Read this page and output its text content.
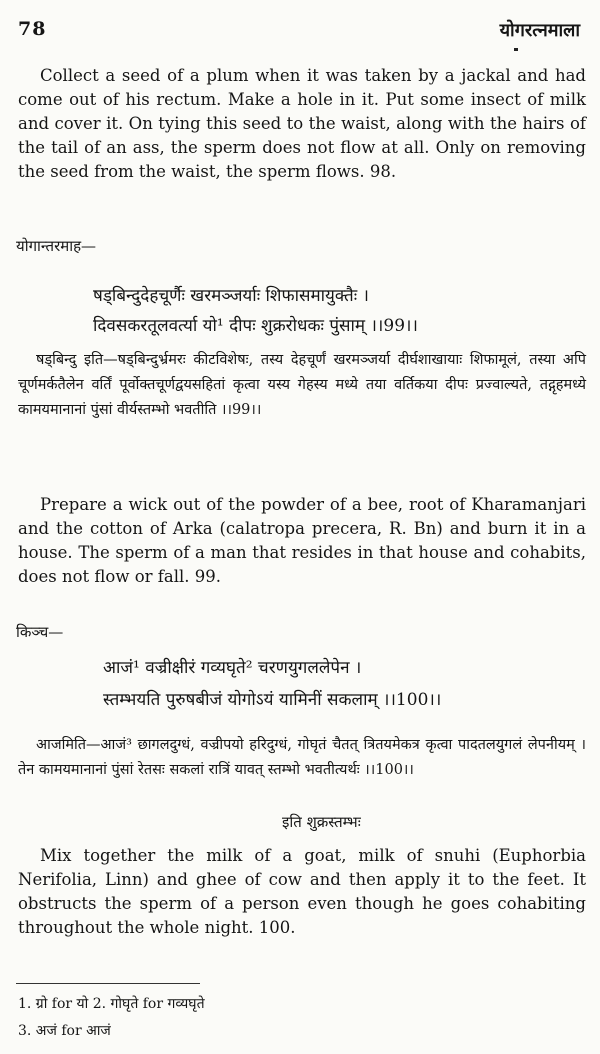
78	योगरत्नमाला

Collect a seed of a plum when it was taken by a jackal and had come out of his rectum. Make a hole in it. Put some insect of milk and cover it. On tying this seed to the waist, along with the hairs of the tail of an ass, the sperm does not flow at all. Only on removing the seed from the waist, the sperm flows. 98.

योगान्तरमाह—
षड्बिन्दुदेहचूर्णैः खरमञ्जर्याः शिफासमायुक्तैः ।
दिवसकरतूलवर्त्या यो¹ दीपः शुक्ररोधकः पुंसाम् ।।99।।

षड्बिन्दु इति—षड्बिन्दुर्भ्रमरः कीटविशेषः, तस्य देहचूर्णं खरमञ्जर्या दीर्घशाखायाः शिफामूलं, तस्या अपि चूर्णमर्कतैलेन वर्तिं पूर्वोक्तचूर्णद्वयसहितां कृत्वा यस्य गेहस्य मध्ये तया वर्तिकया दीपः प्रज्वाल्यते, तद्गृहमध्ये कामयमानानां पुंसां वीर्यस्तम्भो भवतीति ।।99।।

Prepare a wick out of the powder of a bee, root of Kharamanjari and the cotton of Arka (calatropa precera, R. Bn) and burn it in a house. The sperm of a man that resides in that house and cohabits, does not flow or fall. 99.

किञ्च—
आजं¹ वज्रीक्षीरं गव्यघृते² चरणयुगललेपेन ।
स्तम्भयति पुरुषबीजं योगोऽयं यामिनीं सकलाम् ।।100।।

आजमिति—आजं³ छागलदुग्धं, वज्रीपयो हरिदुग्धं, गोघृतं चैतत् त्रितयमेकत्र कृत्वा पादतलयुगलं लेपनीयम् । तेन कामयमानानां पुंसां रेतसः सकलां रात्रिं यावत् स्तम्भो भवतीत्यर्थः ।।100।।

इति शुक्रस्तम्भः

Mix together the milk of a goat, milk of snuhi (Euphorbia Nerifolia, Linn) and ghee of cow and then apply it to the feet. It obstructs the sperm of a person even though he goes cohabiting throughout the whole night. 100.

1. ग्रो for यो 2. गोघृते for गव्यघृते
3. अजं for आजं
